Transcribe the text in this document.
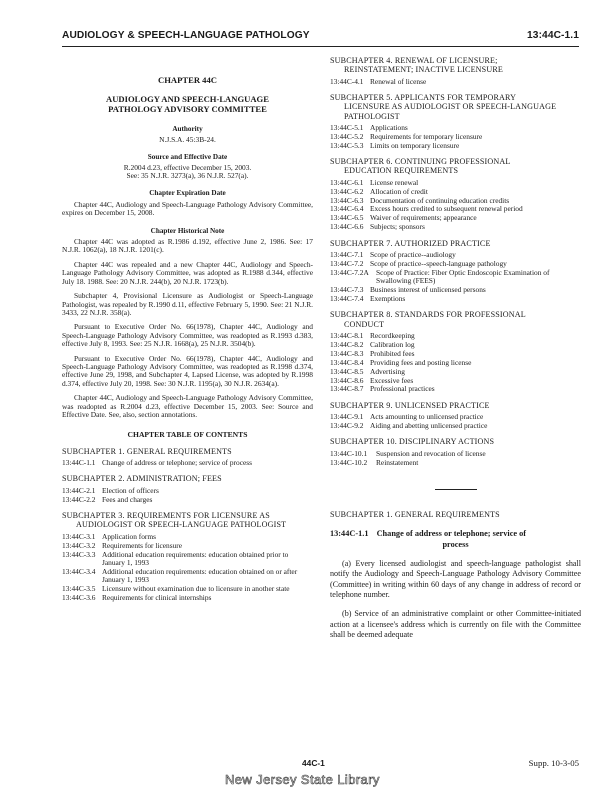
AUDIOLOGY & SPEECH-LANGUAGE PATHOLOGY	13:44C-1.1
CHAPTER 44C
AUDIOLOGY AND SPEECH-LANGUAGE
PATHOLOGY ADVISORY COMMITTEE
Authority
N.J.S.A. 45:3B-24.
Source and Effective Date
R.2004 d.23, effective December 15, 2003.
See: 35 N.J.R. 3273(a), 36 N.J.R. 527(a).
Chapter Expiration Date

Chapter 44C, Audiology and Speech-Language Pathology Advisory Committee, expires on December 15, 2008.

Chapter Historical Note

Chapter 44C was adopted as R.1986 d.192, effective June 2, 1986. See: 17 N.J.R. 1062(a), 18 N.J.R. 1201(c).

Chapter 44C was repealed and a new Chapter 44C, Audiology and Speech-Language Pathology Advisory Committee, was adopted as R.1988 d.344, effective July 18. 1988. See: 20 N.J.R. 244(b), 20 N.J.R. 1723(b).

Subchapter 4, Provisional Licensure as Audiologist or Speech-Language Pathologist, was repealed by R.1990 d.11, effective February 5, 1990. See: 21 N.J.R. 3433, 22 N.J.R. 358(a).

Pursuant to Executive Order No. 66(1978), Chapter 44C, Audiology and Speech-Language Pathology Advisory Committee, was readopted as R.1993 d.383, effective July 8, 1993. See: 25 N.J.R. 1668(a), 25 N.J.R. 3504(b).

Pursuant to Executive Order No. 66(1978), Chapter 44C, Audiology and Speech-Language Pathology Advisory Committee, was readopted as R.1998 d.374, effective June 29, 1998, and Subchapter 4, Lapsed License, was adopted by R.1998 d.374, effective July 20, 1998. See: 30 N.J.R. 1195(a), 30 N.J.R. 2634(a).

Chapter 44C, Audiology and Speech-Language Pathology Advisory Committee, was readopted as R.2004 d.23, effective December 15, 2003. See: Source and Effective Date. See, also, section annotations.

CHAPTER TABLE OF CONTENTS
SUBCHAPTER 1. GENERAL REQUIREMENTS
13:44C-1.1 Change of address or telephone; service of process
SUBCHAPTER 2. ADMINISTRATION; FEES
13:44C-2.1 Election of officers
13:44C-2.2 Fees and charges
SUBCHAPTER 3. REQUIREMENTS FOR LICENSURE AS
AUDIOLOGIST OR SPEECH-LANGUAGE PATHOLOGIST
13:44C-3.1 Application forms
13:44C-3.2 Requirements for licensure
13:44C-3.3 Additional education requirements: education obtained prior to January 1, 1993
13:44C-3.4 Additional education requirements: education obtained on or after January 1, 1993
13:44C-3.5 Licensure without examination due to licensure in another state
13:44C-3.6 Requirements for clinical internships
SUBCHAPTER 4. RENEWAL OF LICENSURE;
REINSTATEMENT; INACTIVE LICENSURE
13:44C-4.1 Renewal of license
SUBCHAPTER 5. APPLICANTS FOR TEMPORARY
LICENSURE AS AUDIOLOGIST OR SPEECH-LANGUAGE PATHOLOGIST
13:44C-5.1 Applications
13:44C-5.2 Requirements for temporary licensure
13:44C-5.3 Limits on temporary licensure
SUBCHAPTER 6. CONTINUING PROFESSIONAL
EDUCATION REQUIREMENTS
13:44C-6.1 License renewal
13:44C-6.2 Allocation of credit
13:44C-6.3 Documentation of continuing education credits
13:44C-6.4 Excess hours credited to subsequent renewal period
13:44C-6.5 Waiver of requirements; appearance
13:44C-6.6 Subjects; sponsors
SUBCHAPTER 7. AUTHORIZED PRACTICE
13:44C-7.1 Scope of practice--audiology
13:44C-7.2 Scope of practice--speech-language pathology
13:44C-7.2A Scope of Practice: Fiber Optic Endoscopic Examination of Swallowing (FEES)
13:44C-7.3 Business interest of unlicensed persons
13:44C-7.4 Exemptions
SUBCHAPTER 8. STANDARDS FOR PROFESSIONAL
CONDUCT
13:44C-8.1 Recordkeeping
13:44C-8.2 Calibration log
13:44C-8.3 Prohibited fees
13:44C-8.4 Providing fees and posting license
13:44C-8.5 Advertising
13:44C-8.6 Excessive fees
13:44C-8.7 Professional practices
SUBCHAPTER 9. UNLICENSED PRACTICE
13:44C-9.1 Acts amounting to unlicensed practice
13:44C-9.2 Aiding and abetting unlicensed practice
SUBCHAPTER 10. DISCIPLINARY ACTIONS
13:44C-10.1 Suspension and revocation of license
13:44C-10.2 Reinstatement
SUBCHAPTER 1. GENERAL REQUIREMENTS
13:44C-1.1 Change of address or telephone; service of
process

(a) Every licensed audiologist and speech-language pathologist shall notify the Audiology and Speech-Language Pathology Advisory Committee (Committee) in writing within 60 days of any change in address of record or telephone number.

(b) Service of an administrative complaint or other Committee-initiated action at a licensee's address which is currently on file with the Committee shall be deemed adequate

44C-1	Supp. 10-3-05
New Jersey State Library
